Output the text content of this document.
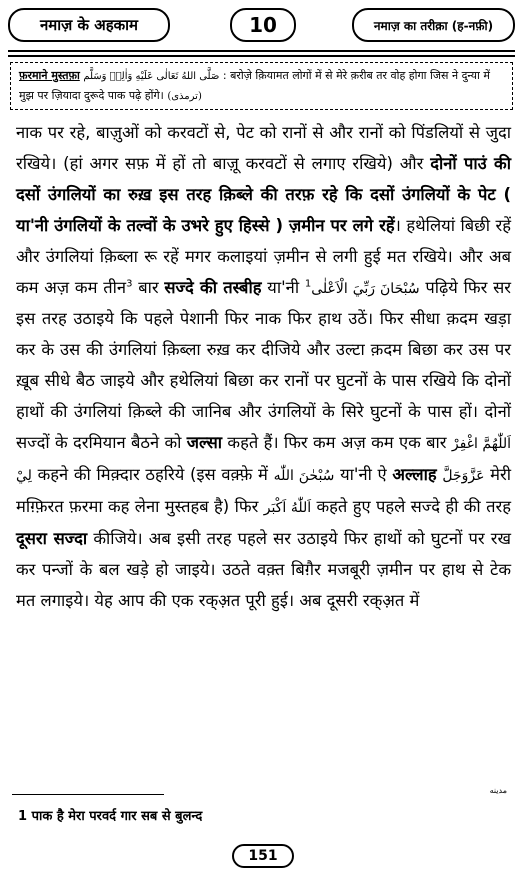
नमाज़ के अहकाम	10	नमाज़ का तरीक़ा (ह-नफ़ी)
फ़रमाने मुस्तफ़ा صَلَّى اللهُ تَعَالٰى عَلَيْهِ وَاٰلِهٖ وَسَلَّم : बरोज़े क़ियामत लोगों में से मेरे क़रीब तर वोह होगा जिस ने दुन्या में मुझ पर ज़ियादा दुरूदे पाक पढ़े होंगे। (ترمذی)

नाक पर रहे, बाज़ुओं को करवटों से, पेट को रानों से और रानों को पिंडलियों से जुदा रखिये। (हां अगर सफ़ में हों तो बाज़ू करवटों से लगाए रखिये) और दोनों पाउं की दसों उंगलियों का रुख़ इस तरह क़िब्ले की तरफ़ रहे कि दसों उंगलियों के पेट ( या'नी उंगलियों के तल्वों के उभरे हुए हिस्से ) ज़मीन पर लगे रहें। हथेलियां बिछी रहें और उंगलियां क़िब्ला रू रहें मगर कलाइयां ज़मीन से लगी हुई मत रखिये। और अब कम अज़ कम तीन$^3$ बार सज्दे की तस्बीह या'नी سُبْحَانَ رَبِّيَ الْاَعْلٰى$^1$	पढ़िये फिर सर इस तरह उठाइये कि पहले पेशानी फिर नाक फिर हाथ उठें। फिर सीधा क़दम खड़ा कर के उस की उंगलियां क़िब्ला रुख़ कर दीजिये और उल्टा क़दम बिछा कर उस पर ख़ूब सीधे बैठ जाइये और हथेलियां बिछा कर रानों पर घुटनों के पास रखिये कि दोनों हाथों की उंगलियां क़िब्ले की जानिब और उंगलियों के सिरे घुटनों के पास हों। दोनों सज्दों के दरमियान बैठने को जल्सा कहते हैं। फिर कम अज़ कम एक बार اَللّٰهُمَّ اغْفِرْ لِيْ कहने की मिक़्दार ठहरिये (इस वक़्फ़े में سُبْحٰنَ اللّٰه या'नी ऐ अल्लाह عَزَّوَجَلَّ मेरी मग़्फ़िरत फ़रमा कह लेना मुस्तहब है) फिर اَللّٰهُ اَكْبَر कहते हुए पहले सज्दे ही की तरह दूसरा सज्दा कीजिये। अब इसी तरह पहले सर उठाइये फिर हाथों को घुटनों पर रख कर पन्जों के बल खड़े हो जाइये। उठते वक़्त बिग़ैर मजबूरी ज़मीन पर हाथ से टेक मत लगाइये। येह आप की एक रक्अ़त पूरी हुई। अब दूसरी रक्अ़त में

مدینه
1 पाक है मेरा परवर्द गार सब से बुलन्द
151
